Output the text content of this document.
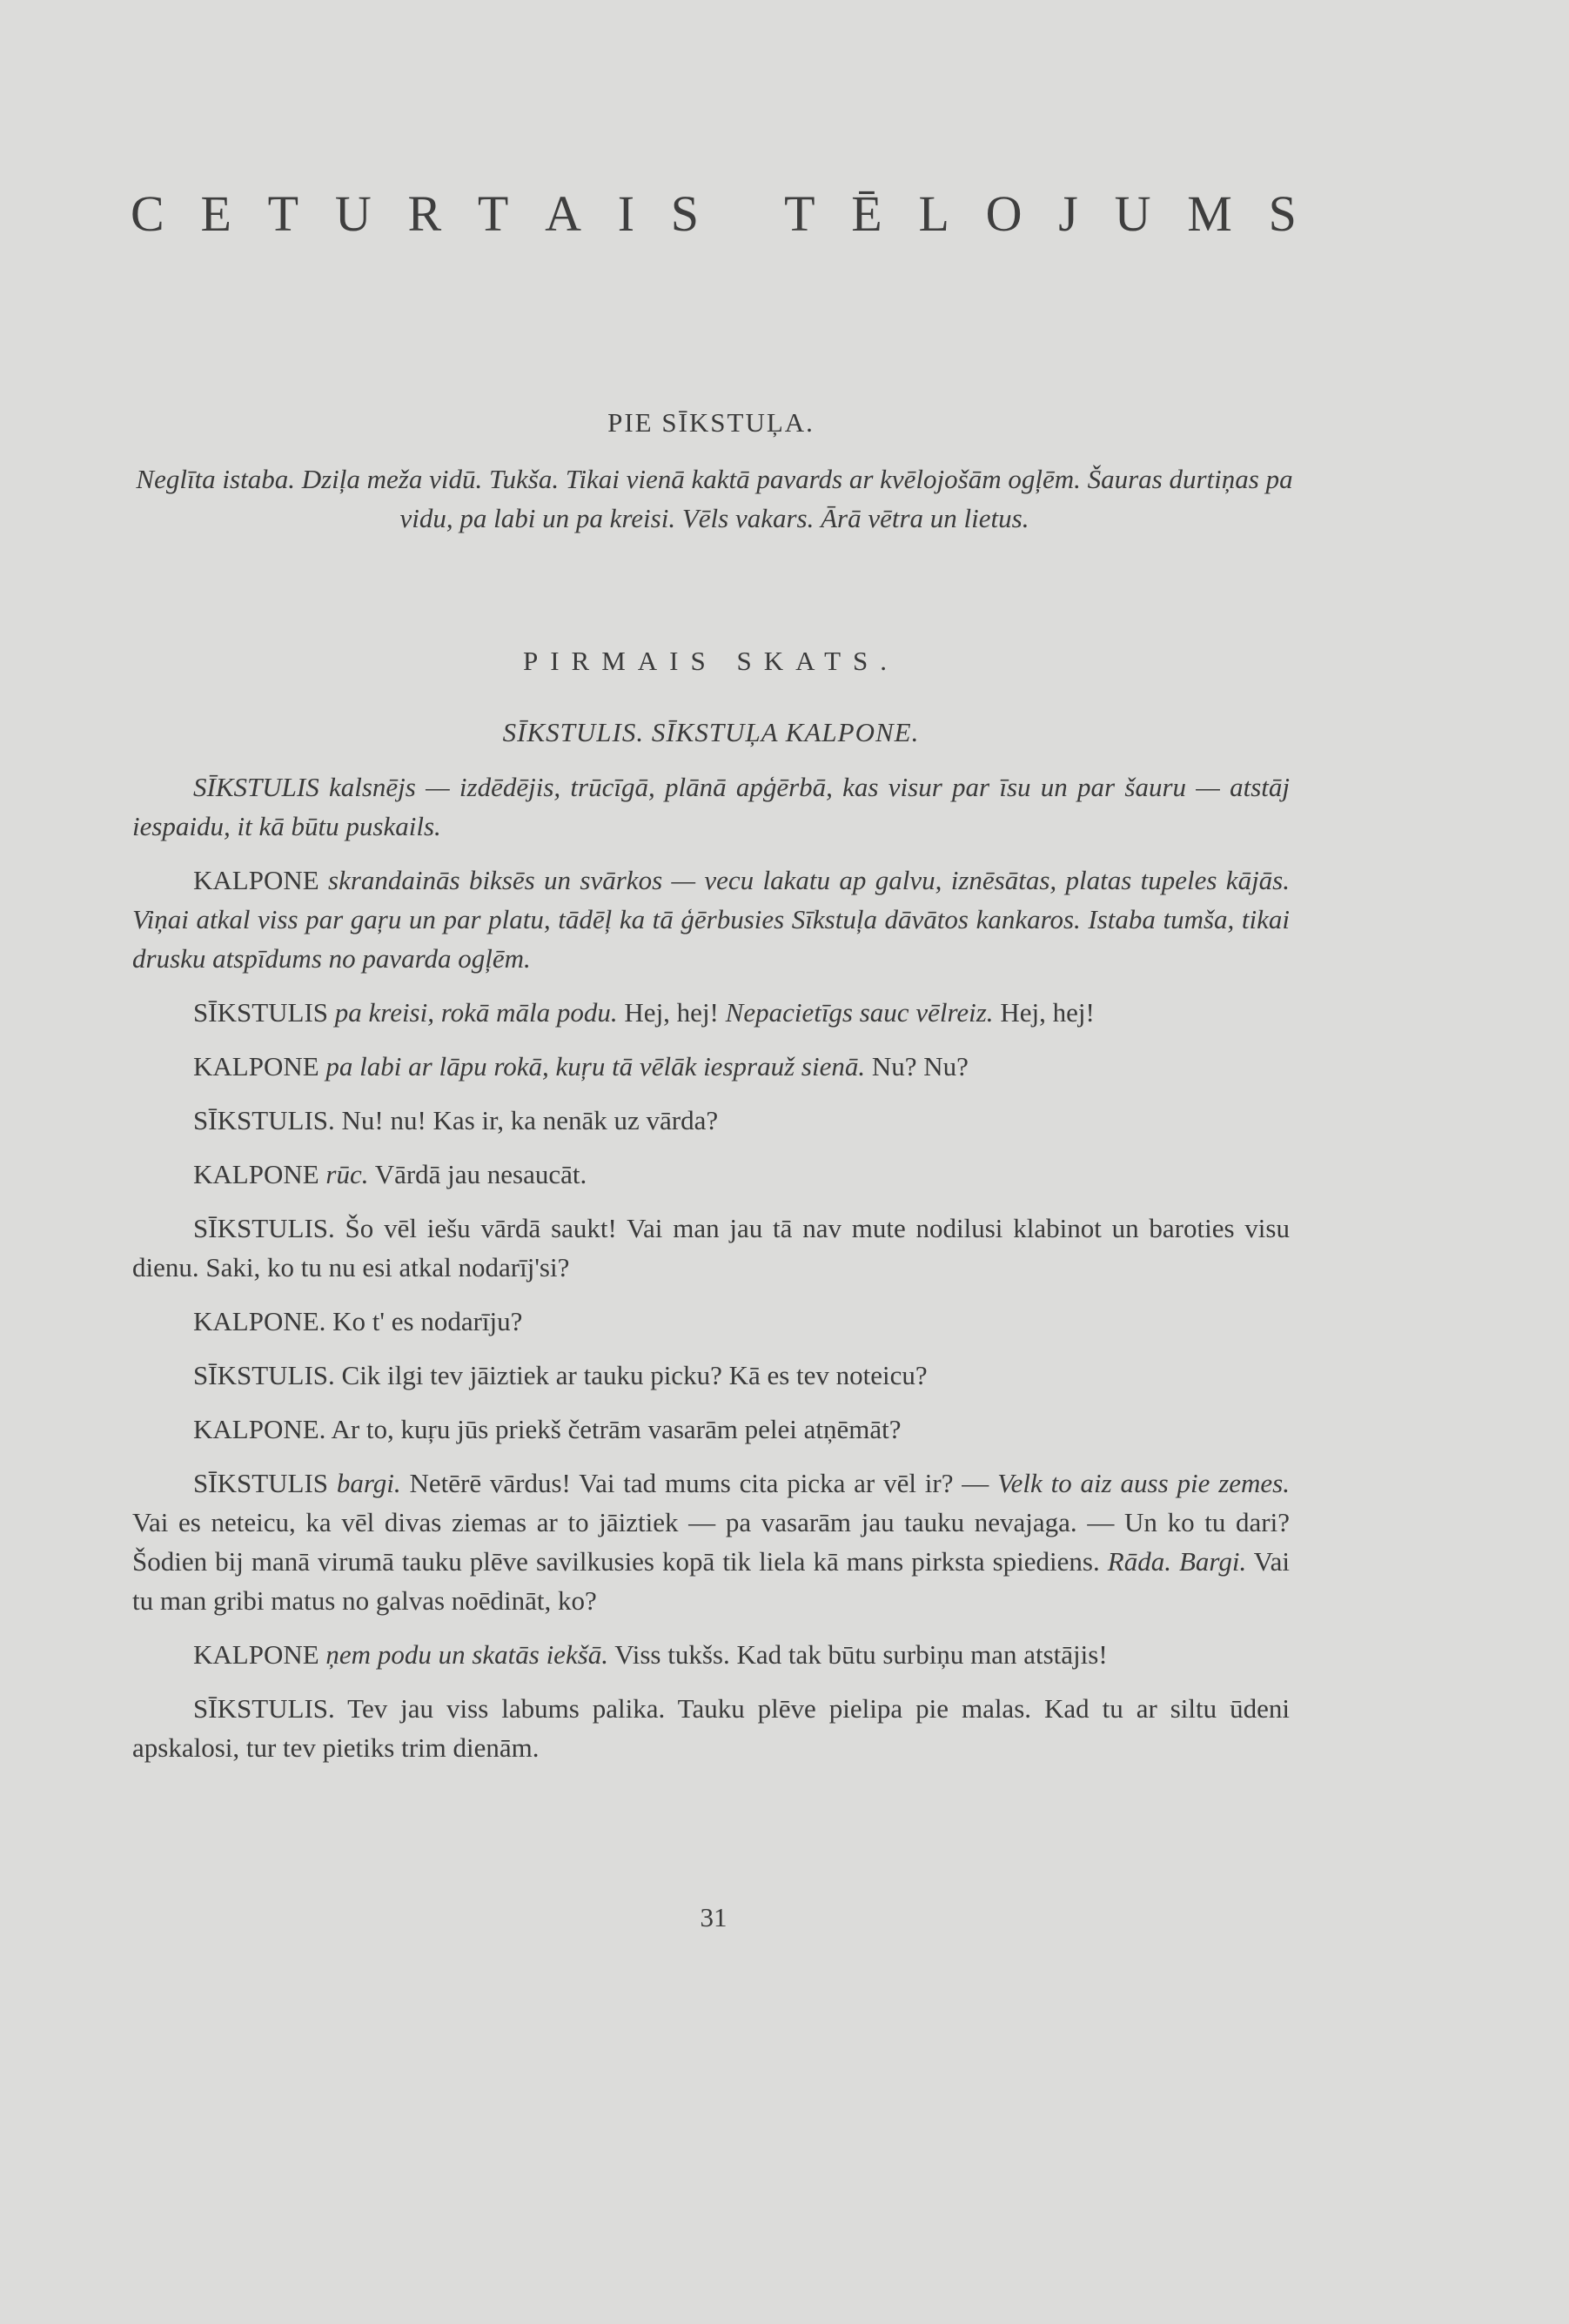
C E T U R T A I S
T Ē L O J U M S
PIE SĪKSTUĻA.
Neglīta istaba. Dziļa meža vidū. Tukša. Tikai vienā kaktā pavards ar kvēlojošām ogļēm. Šauras durtiņas pa vidu, pa labi un pa kreisi. Vēls vakars. Ārā vētra un lietus.
PIRMAIS SKATS.
SĪKSTULIS. SĪKSTUĻA KALPONE.

SĪKSTULIS kalsnējs — izdēdējis, trūcīgā, plānā apģērbā, kas visur par īsu un par šauru — atstāj iespaidu, it kā būtu puskails.

KALPONE skrandainās biksēs un svārkos — vecu lakatu ap galvu, iznēsātas, platas tupeles kājās. Viņai atkal viss par gaŗu un par platu, tādēļ ka tā ģērbusies Sīkstuļa dāvātos kankaros. Istaba tumša, tikai drusku atspīdums no pavarda ogļēm.

SĪKSTULIS pa kreisi, rokā māla podu. Hej, hej! Nepacietīgs sauc vēlreiz. Hej, hej!

KALPONE pa labi ar lāpu rokā, kuŗu tā vēlāk iesprauž sienā. Nu? Nu?

SĪKSTULIS. Nu! nu! Kas ir, ka nenāk uz vārda?

KALPONE rūc. Vārdā jau nesaucāt.

SĪKSTULIS. Šo vēl iešu vārdā saukt! Vai man jau tā nav mute nodilusi klabinot un baroties visu dienu. Saki, ko tu nu esi atkal nodarīj'si?

KALPONE. Ko t' es nodarīju?

SĪKSTULIS. Cik ilgi tev jāiztiek ar tauku picku? Kā es tev noteicu?

KALPONE. Ar to, kuŗu jūs priekš četrām vasarām pelei atņēmāt?

SĪKSTULIS bargi. Netērē vārdus! Vai tad mums cita picka ar vēl ir? — Velk to aiz auss pie zemes. Vai es neteicu, ka vēl divas ziemas ar to jāiztiek — pa vasarām jau tauku nevajaga. — Un ko tu dari? Šodien bij manā virumā tauku plēve savilkusies kopā tik liela kā mans pirksta spiediens. Rāda. Bargi. Vai tu man gribi matus no galvas noēdināt, ko?

KALPONE ņem podu un skatās iekšā. Viss tukšs. Kad tak būtu surbiņu man atstājis!

SĪKSTULIS. Tev jau viss labums palika. Tauku plēve pielipa pie malas. Kad tu ar siltu ūdeni apskalosi, tur tev pietiks trim dienām.

31
